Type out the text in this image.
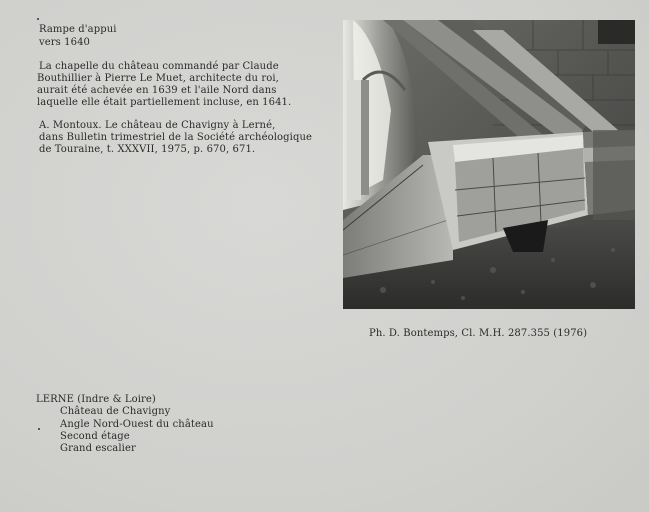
Rampe d'appui
vers 1640
La chapelle du château commandé par Claude
Bouthillier à Pierre Le Muet, architecte du roi,
aurait été achevée en 1639 et l'aile Nord dans
laquelle elle était partiellement incluse, en 1641.
A. Montoux. Le château de Chavigny à Lerné,
dans Bulletin trimestriel de la Société archéologique
de Touraine, t. XXXVII, 1975, p. 670, 671.
Ph. D. Bontemps, Cl. M.H. 287.355 (1976)
LERNE (Indre & Loire)
Château de Chavigny
Angle Nord-Ouest du château
Second étage
Grand escalier
